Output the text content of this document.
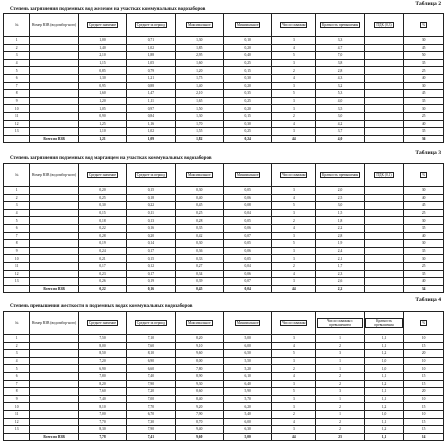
Таблица 2
Степень загрязнения подземных вод железом на участках коммунальных водозаборов
№	Номер ВЗВ (водозабор-ного)	Среднее значение	Среднее за период	Максимальное	Минимальное	Число скважин	Кратность превышения	ПДК (0,3)	%
1		1,00	0,71	1,30	0,10	3	3,3		30
2		1,40	1,02	1,85	0,20	4	4,7		45
3		2,10	1,88	2,95	0,40	5	7,0		50
4		1,15	1,05	1,60	0,25	3	3,8		35
5		0,85	0,79	1,20	0,15	2	2,8		25
6		1,30	1,21	1,75	0,30	4	4,3		40
7		0,95	0,88	1,40	0,20	3	3,2		30
8		1,60	1,47	2,10	0,35	5	5,3		45
9		1,20	1,11	1,65	0,25	3	4,0		35
10		1,05	0,97	1,50	0,20	3	3,5		30
11		0,90	0,84	1,30	0,15	2	3,0		25
12		1,25	1,16	1,70	0,30	4	4,2		40
13		1,10	1,02	1,55	0,25	3	3,7		35
	Всего по ВЗВ	1,21	1,09	1,82	0,24	44	4,0		36
Таблица 3
Степень загрязнения подземных вод марганцем на участках коммунальных водозаборов
№	Номер ВЗВ (водозабор-ного)	Среднее значение	Среднее за период	Максимальное	Минимальное	Число скважин	Кратность превышения	ПДК (0,1)	%
1		0,20	0,15	0,30	0,05	3	2,0		30
2		0,25	0,18	0,40	0,06	4	2,5		40
3		0,30	0,22	0,45	0,08	5	3,0		45
4		0,15	0,11	0,25	0,04	3	1,5		25
5		0,18	0,13	0,28	0,05	2	1,8		30
6		0,22	0,16	0,35	0,06	4	2,2		35
7		0,28	0,20	0,42	0,07	3	2,8		40
8		0,19	0,14	0,30	0,05	5	1,9		30
9		0,24	0,17	0,36	0,06	3	2,4		35
10		0,21	0,15	0,33	0,05	3	2,1		30
11		0,17	0,12	0,27	0,04	2	1,7		25
12		0,23	0,17	0,34	0,06	4	2,3		35
13		0,26	0,19	0,39	0,07	3	2,6		40
	Всего по ВЗВ	0,22	0,16	0,45	0,04	44	2,2		34
Таблица 4
Степень превышения жесткости в подземных водах коммунальных водозаборов
№	Номер ВЗВ (водозабор-ного)	Среднее значение	Среднее за период	Максимальное	Минимальное	Число скважин	Число скважин с превышением	Кратность превышения	%
1		7,50	7,10	8,20	5,00	3	1	1,1	10
2		8,00	7,60	9,10	6,00	4	2	1,1	15
3		8,50	8,10	9,60	6,50	5	3	1,2	20
4		7,20	6,90	8,00	5,50	3	1	1,0	10
5		6,90	6,60	7,80	5,20	2	1	1,0	10
6		7,80	7,40	8,90	6,10	4	2	1,1	15
7		8,20	7,90	9,30	6,40	3	2	1,2	15
8		7,60	7,20	8,60	5,90	5	3	1,1	20
9		7,40	7,00	8,40	5,70	3	1	1,1	10
10		8,10	7,70	9,20	6,20	3	2	1,2	15
11		7,00	6,70	7,90	5,40	2	1	1,0	10
12		7,70	7,30	8,70	6,00	4	2	1,1	15
13		8,30	7,90	9,40	6,30	3	2	1,2	15
	Всего по ВЗВ	7,78	7,41	9,60	5,00	44	23	1,1	14
